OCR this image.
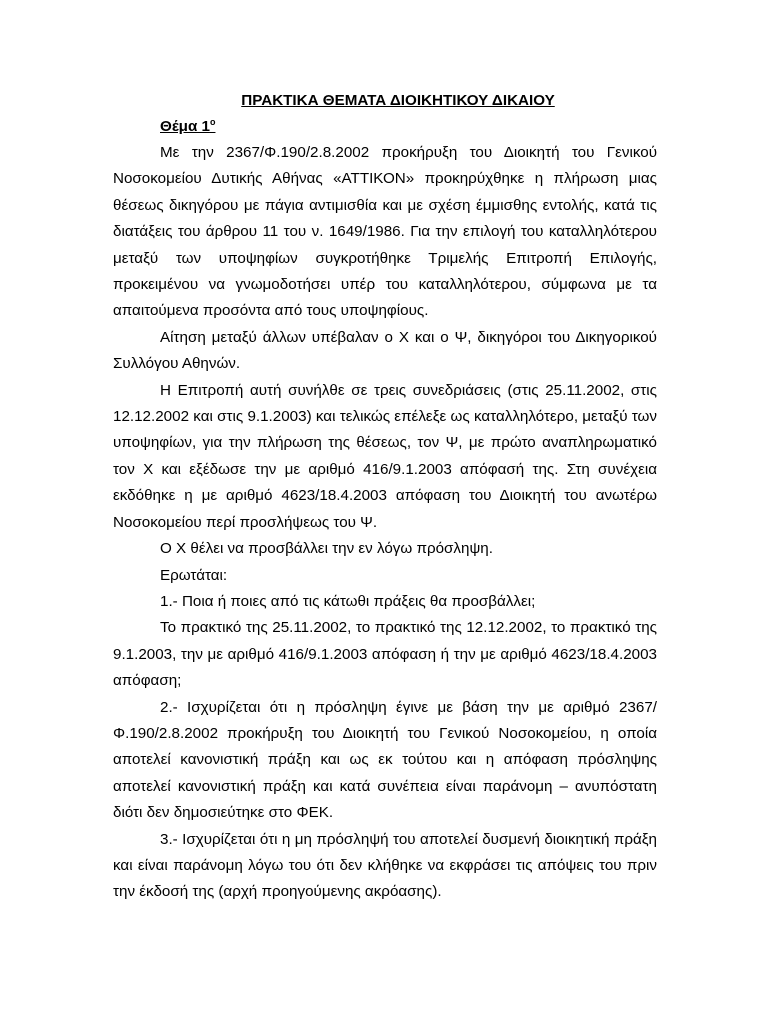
ΠΡΑΚΤΙΚΑ ΘΕΜΑΤΑ ΔΙΟΙΚΗΤΙΚΟΥ ΔΙΚΑΙΟΥ

Θέμα $1^o$

Με την 2367/Φ.190/2.8.2002 προκήρυξη του Διοικητή του Γενικού Νοσοκομείου Δυτικής Αθήνας «ΑΤΤΙΚΟΝ» προκηρύχθηκε η πλήρωση μιας θέσεως δικηγόρου με πάγια αντιμισθία και με σχέση έμμισθης εντολής, κατά τις διατάξεις του άρθρου 11 του ν. 1649/1986. Για την επιλογή του καταλληλότερου μεταξύ των υποψηφίων συγκροτήθηκε Τριμελής Επιτροπή Επιλογής, προκειμένου να γνωμοδοτήσει υπέρ του καταλληλότερου, σύμφωνα με τα απαιτούμενα προσόντα από τους υποψηφίους.

Αίτηση μεταξύ άλλων υπέβαλαν ο Χ και ο Ψ, δικηγόροι του Δικηγορικού Συλλόγου Αθηνών.

Η Επιτροπή αυτή συνήλθε σε τρεις συνεδριάσεις (στις 25.11.2002, στις 12.12.2002 και στις 9.1.2003) και τελικώς επέλεξε ως καταλληλότερο, μεταξύ των υποψηφίων, για την πλήρωση της θέσεως, τον Ψ, με πρώτο αναπληρωματικό τον Χ και εξέδωσε την με αριθμό 416/9.1.2003 απόφασή της. Στη συνέχεια εκδόθηκε η με αριθμό 4623/18.4.2003 απόφαση του Διοικητή του ανωτέρω Νοσοκομείου περί προσλήψεως του Ψ.

Ο Χ θέλει να προσβάλλει την εν λόγω πρόσληψη.

Ερωτάται:

1.- Ποια ή ποιες από τις κάτωθι πράξεις θα προσβάλλει;

Το πρακτικό της 25.11.2002, το πρακτικό της 12.12.2002, το πρακτικό της 9.1.2003, την με αριθμό 416/9.1.2003 απόφαση ή την με αριθμό 4623/18.4.2003 απόφαση;

2.- Ισχυρίζεται ότι η πρόσληψη έγινε με βάση την με αριθμό 2367/Φ.190/2.8.2002 προκήρυξη του Διοικητή του Γενικού Νοσοκομείου, η οποία αποτελεί κανονιστική πράξη και ως εκ τούτου και η απόφαση πρόσληψης αποτελεί κανονιστική πράξη και κατά συνέπεια είναι παράνομη – ανυπόστατη διότι δεν δημοσιεύτηκε στο ΦΕΚ.

3.- Ισχυρίζεται ότι η μη πρόσληψή του αποτελεί δυσμενή διοικητική πράξη και είναι παράνομη λόγω του ότι δεν κλήθηκε να εκφράσει τις απόψεις του πριν την έκδοσή της (αρχή προηγούμενης ακρόασης).
